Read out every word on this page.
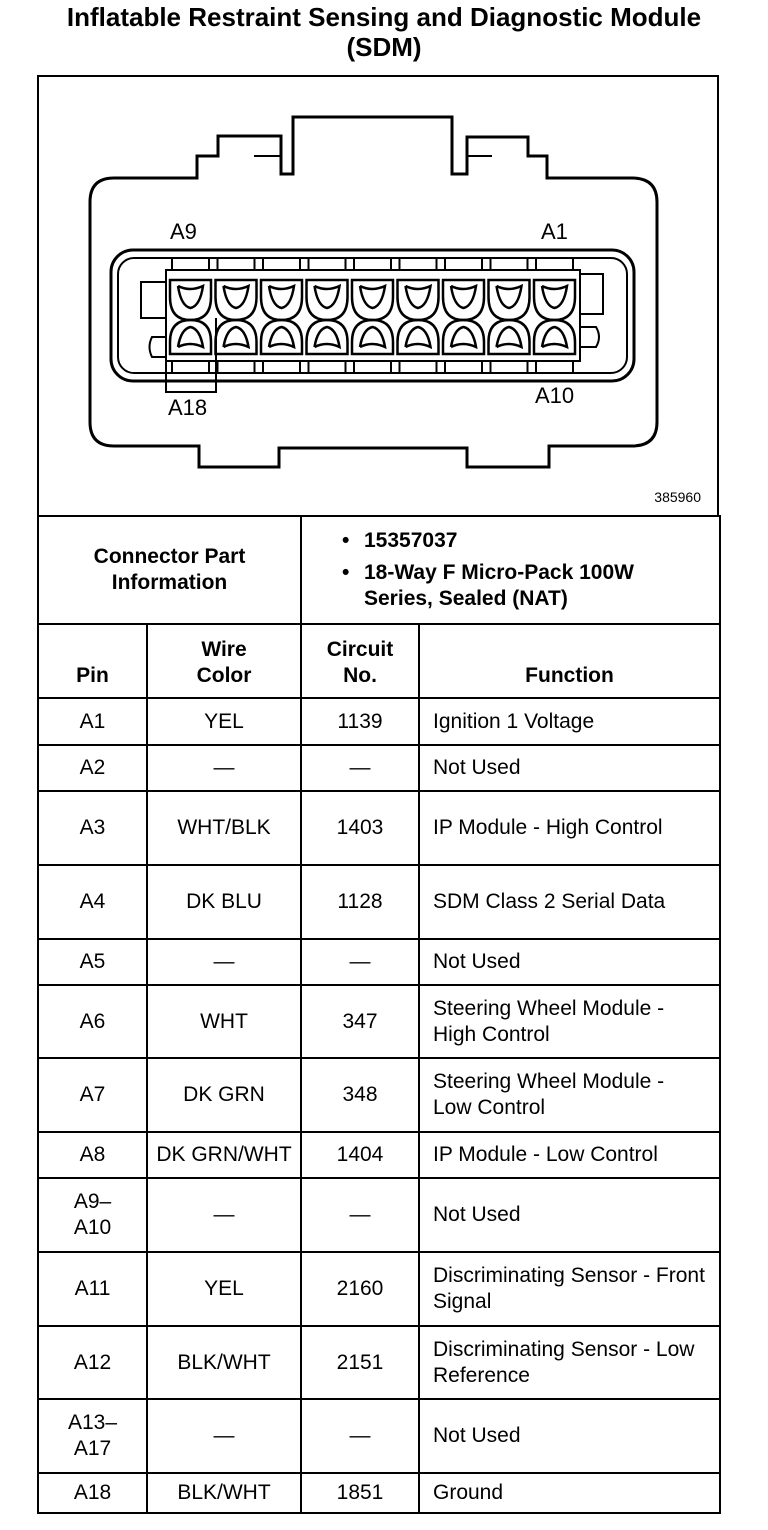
Inflatable Restraint Sensing and Diagnostic Module (SDM)
A9	A1
A18	A10
385960
Connector Part Information		• 15357037
• 18-Way F Micro-Pack 100W Series, Sealed (NAT)

Pin	Wire Color	Circuit No.	Function

A1	YEL	1139	Ignition 1 Voltage

A2	—	—	Not Used

A3	WHT/BLK	1403	IP Module - High Control

A4	DK BLU	1128	SDM Class 2 Serial Data

A5	—	—	Not Used

A6	WHT	347	Steering Wheel Module - High Control

A7	DK GRN	348	Steering Wheel Module - Low Control

A8	DK GRN/WHT	1404	IP Module - Low Control

A9–A10	—	—	Not Used

A11	YEL	2160	Discriminating Sensor - Front Signal

A12	BLK/WHT	2151	Discriminating Sensor - Low Reference

A13–A17	—	—	Not Used

A18	BLK/WHT	1851	Ground
